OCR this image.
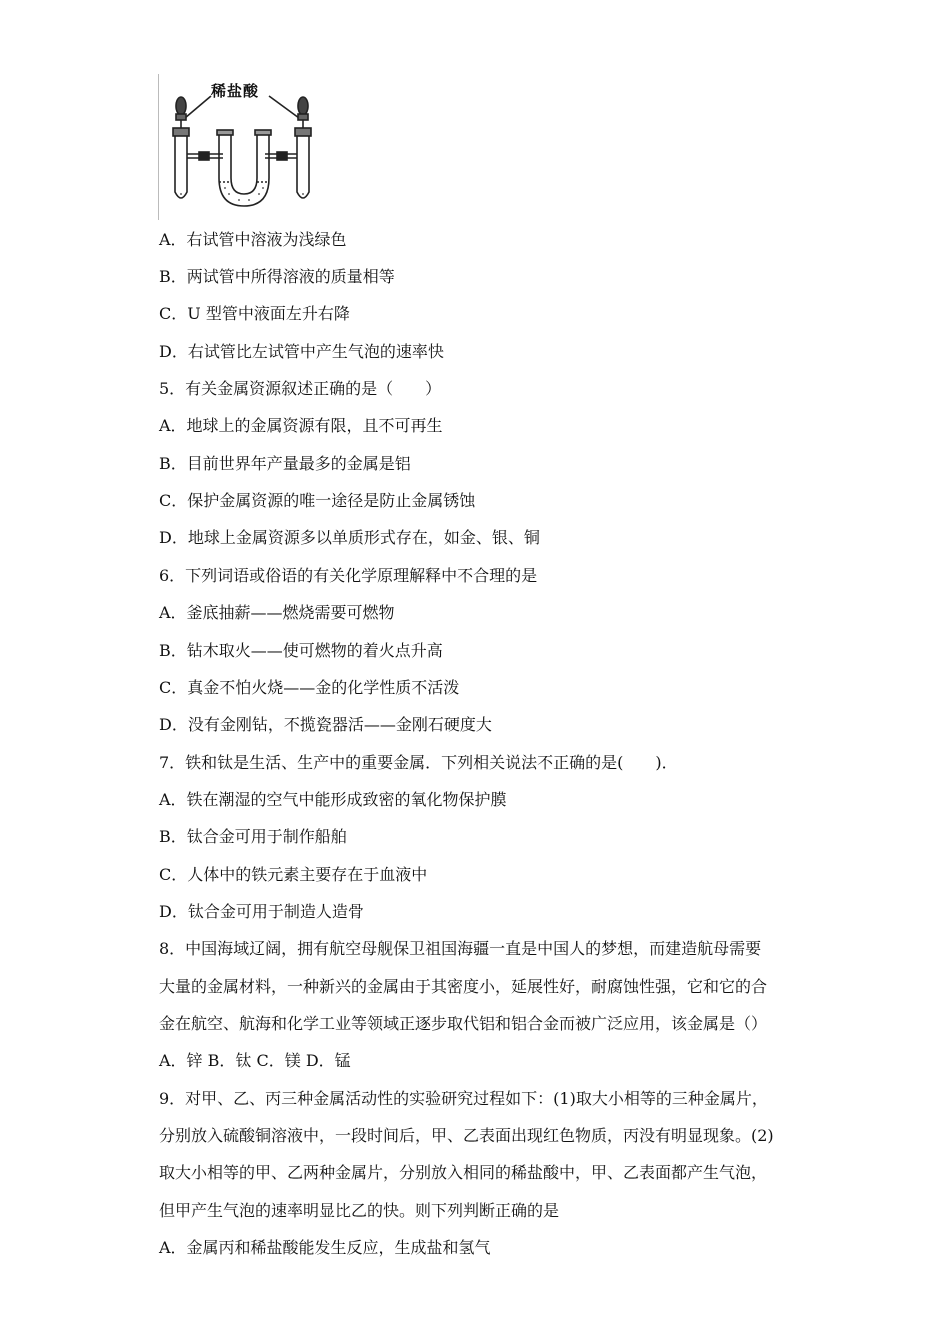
稀盐酸
A．右试管中溶液为浅绿色
B．两试管中所得溶液的质量相等
C．U 型管中液面左升右降
D．右试管比左试管中产生气泡的速率快
5．有关金属资源叙述正确的是（　　）
A．地球上的金属资源有限，且不可再生
B．目前世界年产量最多的金属是铝
C．保护金属资源的唯一途径是防止金属锈蚀
D．地球上金属资源多以单质形式存在，如金、银、铜
6．下列词语或俗语的有关化学原理解释中不合理的是
A．釜底抽薪——燃烧需要可燃物
B．钻木取火——使可燃物的着火点升高
C．真金不怕火烧——金的化学性质不活泼
D．没有金刚钻，不揽瓷器活——金刚石硬度大
7．铁和钛是生活、生产中的重要金属．下列相关说法不正确的是(　　)．
A．铁在潮湿的空气中能形成致密的氧化物保护膜
B．钛合金可用于制作船舶
C．人体中的铁元素主要存在于血液中
D．钛合金可用于制造人造骨
8．中国海域辽阔，拥有航空母舰保卫祖国海疆一直是中国人的梦想，而建造航母需要
大量的金属材料，一种新兴的金属由于其密度小，延展性好，耐腐蚀性强，它和它的合
金在航空、航海和化学工业等领域正逐步取代铝和铝合金而被广泛应用，该金属是（）
A．锌 B．钛 C．镁 D．锰
9．对甲、乙、丙三种金属活动性的实验研究过程如下：(1)取大小相等的三种金属片，
分别放入硫酸铜溶液中，一段时间后，甲、乙表面出现红色物质，丙没有明显现象。(2)
取大小相等的甲、乙两种金属片，分别放入相同的稀盐酸中，甲、乙表面都产生气泡，
但甲产生气泡的速率明显比乙的快。则下列判断正确的是
A．金属丙和稀盐酸能发生反应，生成盐和氢气
